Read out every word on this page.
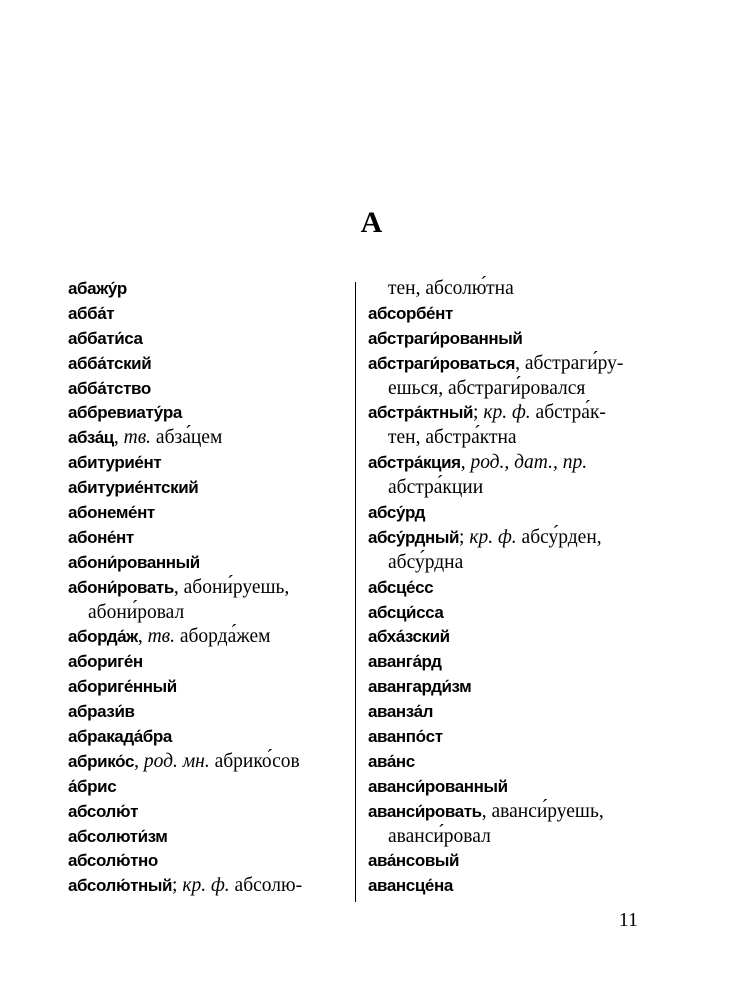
А
абажу́р
абба́т
аббати́са
абба́тский
абба́тство
аббревиату́ра
абза́ц, тв. абза́цем
абитурие́нт
абитурие́нтский
абонеме́нт
абоне́нт
абони́рованный
абони́ровать, абони́руешь,
абони́ровал
аборда́ж, тв. аборда́жем
абориге́н
абориге́нный
абрази́в
абракада́бра
абрико́с, род. мн. абрико́сов
а́брис
абсолю́т
абсолюти́зм
абсолю́тно
абсолю́тный; кр. ф. абсолю-
тен, абсолю́тна
абсорбе́нт
абстраги́рованный
абстраги́роваться, абстраги́ру-
ешься, абстраги́ровался
абстра́ктный; кр. ф. абстра́к-
тен, абстра́ктна
абстра́кция, род., дат., пр.
абстра́кции
абсу́рд
абсу́рдный; кр. ф. абсу́рден,
абсу́рдна
абсце́сс
абсци́сса
абха́зский
аванга́рд
авангарди́зм
аванза́л
аванпо́ст
ава́нс
аванси́рованный
аванси́ровать, аванси́руешь,
аванси́ровал
ава́нсовый
авансце́на
11
